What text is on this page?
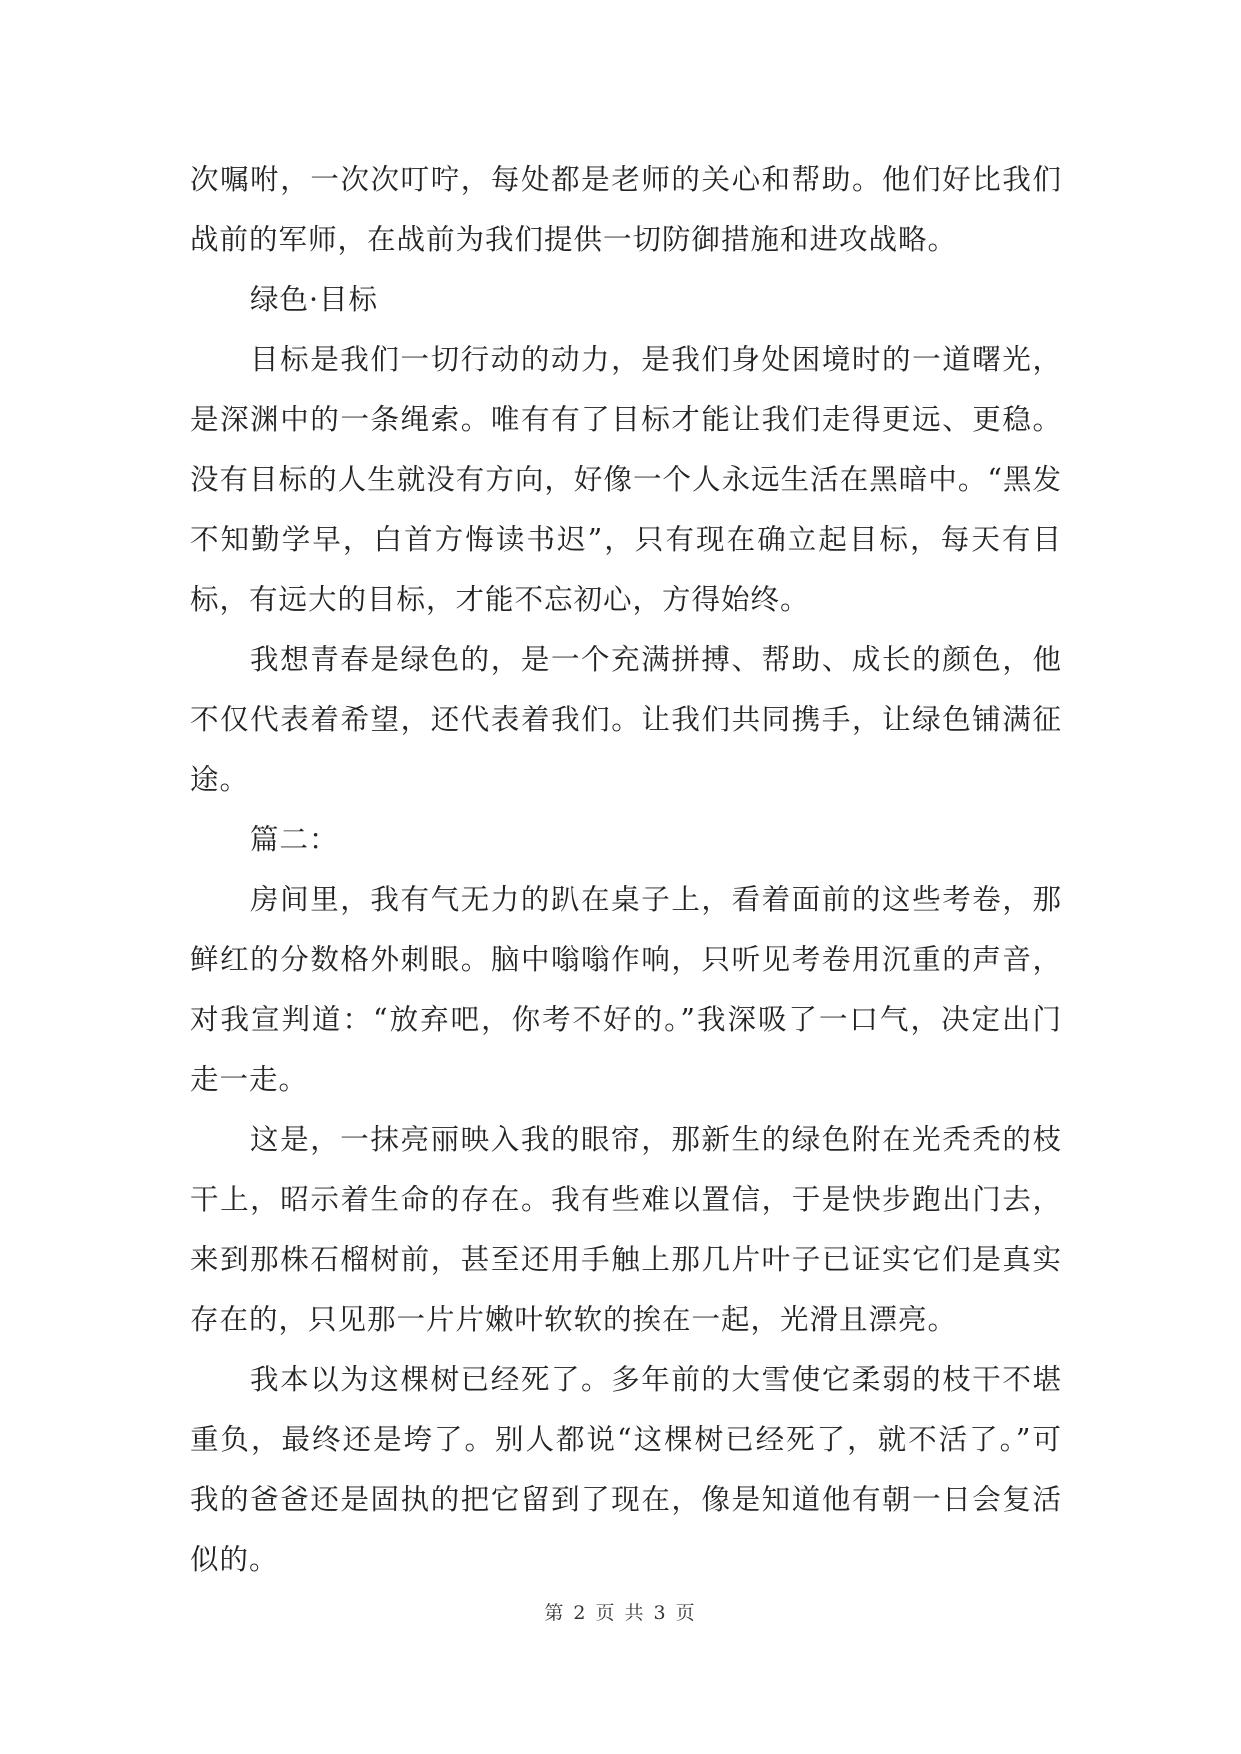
次嘱咐，一次次叮咛，每处都是老师的关心和帮助。他们好比我们战前的军师，在战前为我们提供一切防御措施和进攻战略。

绿色·目标

目标是我们一切行动的动力，是我们身处困境时的一道曙光，是深渊中的一条绳索。唯有有了目标才能让我们走得更远、更稳。没有目标的人生就没有方向，好像一个人永远生活在黑暗中。“黑发不知勤学早，白首方悔读书迟”，只有现在确立起目标，每天有目标，有远大的目标，才能不忘初心，方得始终。

我想青春是绿色的，是一个充满拼搏、帮助、成长的颜色，他不仅代表着希望，还代表着我们。让我们共同携手，让绿色铺满征途。

篇二：

房间里，我有气无力的趴在桌子上，看着面前的这些考卷，那鲜红的分数格外刺眼。脑中嗡嗡作响，只听见考卷用沉重的声音，对我宣判道：“放弃吧，你考不好的。”我深吸了一口气，决定出门走一走。

这是，一抹亮丽映入我的眼帘，那新生的绿色附在光秃秃的枝干上，昭示着生命的存在。我有些难以置信，于是快步跑出门去，来到那株石榴树前，甚至还用手触上那几片叶子已证实它们是真实存在的，只见那一片片嫩叶软软的挨在一起，光滑且漂亮。

我本以为这棵树已经死了。多年前的大雪使它柔弱的枝干不堪重负，最终还是垮了。别人都说“这棵树已经死了，就不活了。”可我的爸爸还是固执的把它留到了现在，像是知道他有朝一日会复活似的。

第 2 页 共 3 页
